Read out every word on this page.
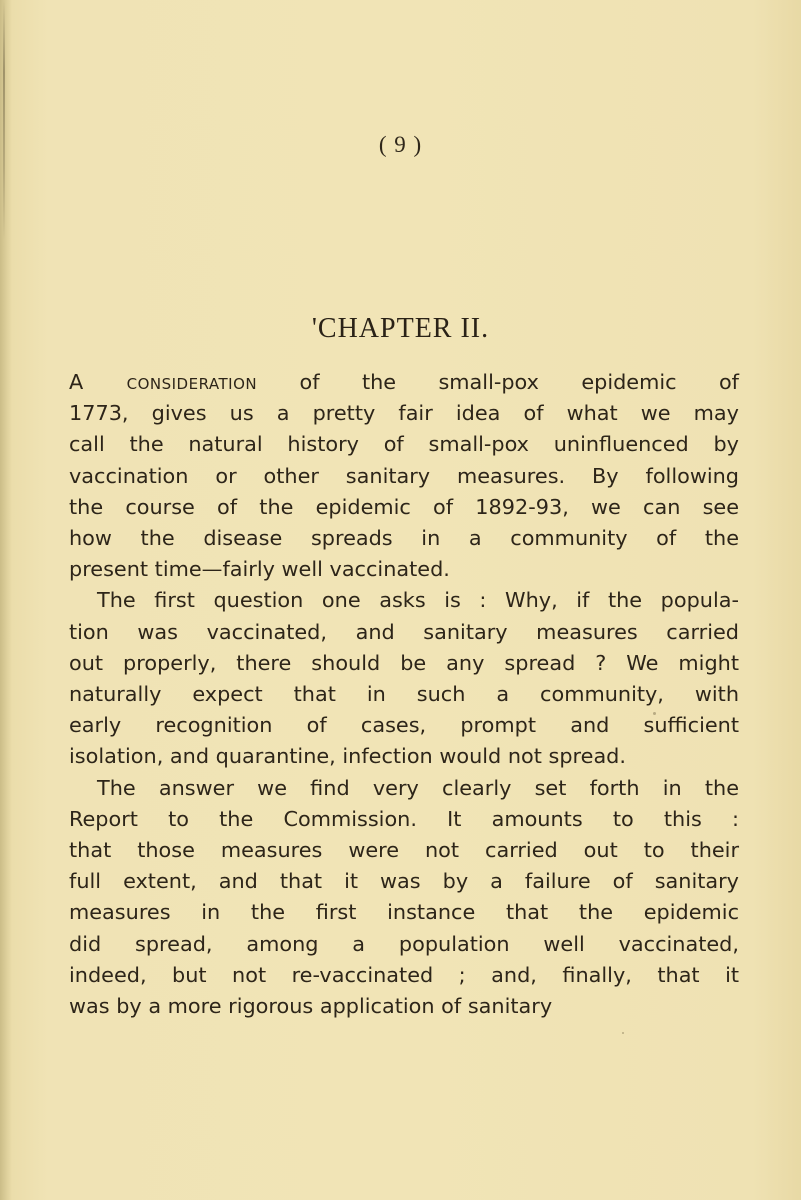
( 9 )
'CHAPTER II.

A consideration of the small-pox epidemic of
1773, gives us a pretty fair idea of what we may
call the natural history of small-pox uninfluenced by
vaccination or other sanitary measures. By following
the course of the epidemic of 1892-93, we can see
how the disease spreads in a community of the
present time—fairly well vaccinated.

The first question one asks is : Why, if the popula-
tion was vaccinated, and sanitary measures carried
out properly, there should be any spread ? We might
naturally expect that in such a community, with
early recognition of cases, prompt and sufficient
isolation, and quarantine, infection would not spread.

The answer we find very clearly set forth in the
Report to the Commission. It amounts to this :
that those measures were not carried out to their
full extent, and that it was by a failure of sanitary
measures in the first instance that the epidemic
did spread, among a population well vaccinated,
indeed, but not re-vaccinated ; and, finally, that it
was by a more rigorous application of sanitary
